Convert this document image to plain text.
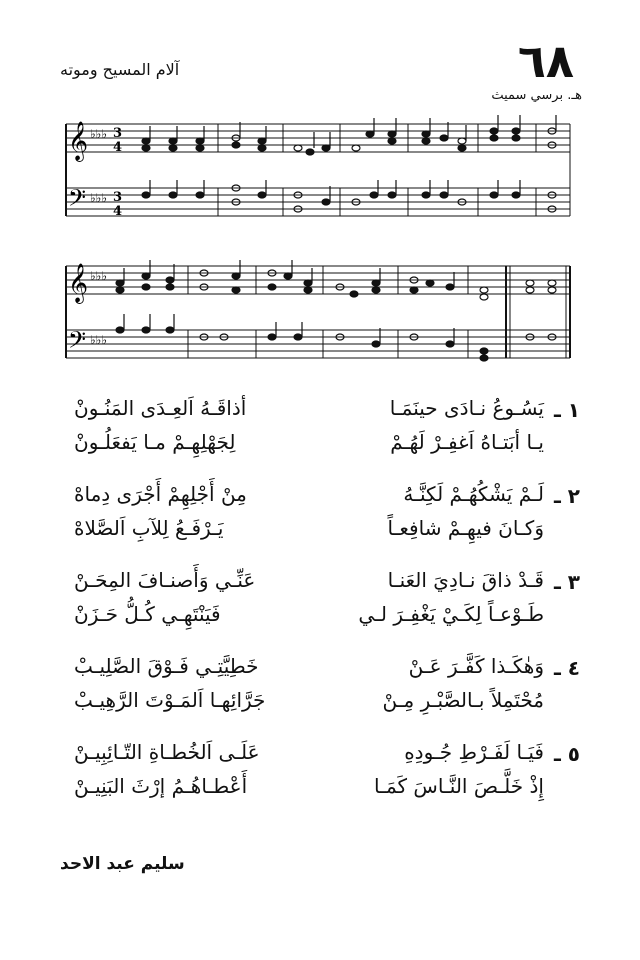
٦٨
آلام المسيح وموته
هـ. برسي سميث
𝄞
𝄢
♭♭♭
♭♭♭
3
4
3
4
𝄞
𝄢
♭♭♭
♭♭♭
١ ـ
يَسُـوعُ نـادَى حينَمَـا
أذاقَـهُ اَلعِـدَى المَنُـونْ
يـا أبَتـاهُ اَغفِـرْ لَهُـمْ
لِجَهْلِهِـمْ مـا يَفعَلُـونْ
٢ ـ
لَـمْ يَشْكُهُـمْ لَكِنَّـهُ
مِنْ أَجْلِهِمْ أَجْرَى دِماهْ
وَكـانَ فيهِـمْ شافِعـاً
يَـرْفَـعُ لِلآبِ اَلصَّلاهْ
٣ ـ
قَـدْ ذاقَ نـادِيَ العَنـا
عَنِّـي وَأَصنـافَ المِحَـنْ
طَـوْعـاً لِكَـيْ يَغْفِـرَ لـي
فَيَنْتَهِـي كُـلُّ حَـزَنْ
٤ ـ
وَهٰكَـذا كَفَّـرَ عَـنْ
خَطِيَّتِـي فَـوْقَ الصَّلِيـبْ
مُحْتَمِلاً بـالصَّبْـرِ مِـنْ
جَرَّائِهـا اَلمَـوْتَ الرَّهِيـبْ
٥ ـ
فَيَـا لَفَـرْطِ جُـودِهِ
عَلَـى اَلخُطـاةِ التّـائِبِيـنْ
إِذْ خَلَّـصَ النَّـاسَ كَمَـا
أَعْطـاهُـمُ إرْثَ البَنِيـنْ
سليم عبد الاحد
